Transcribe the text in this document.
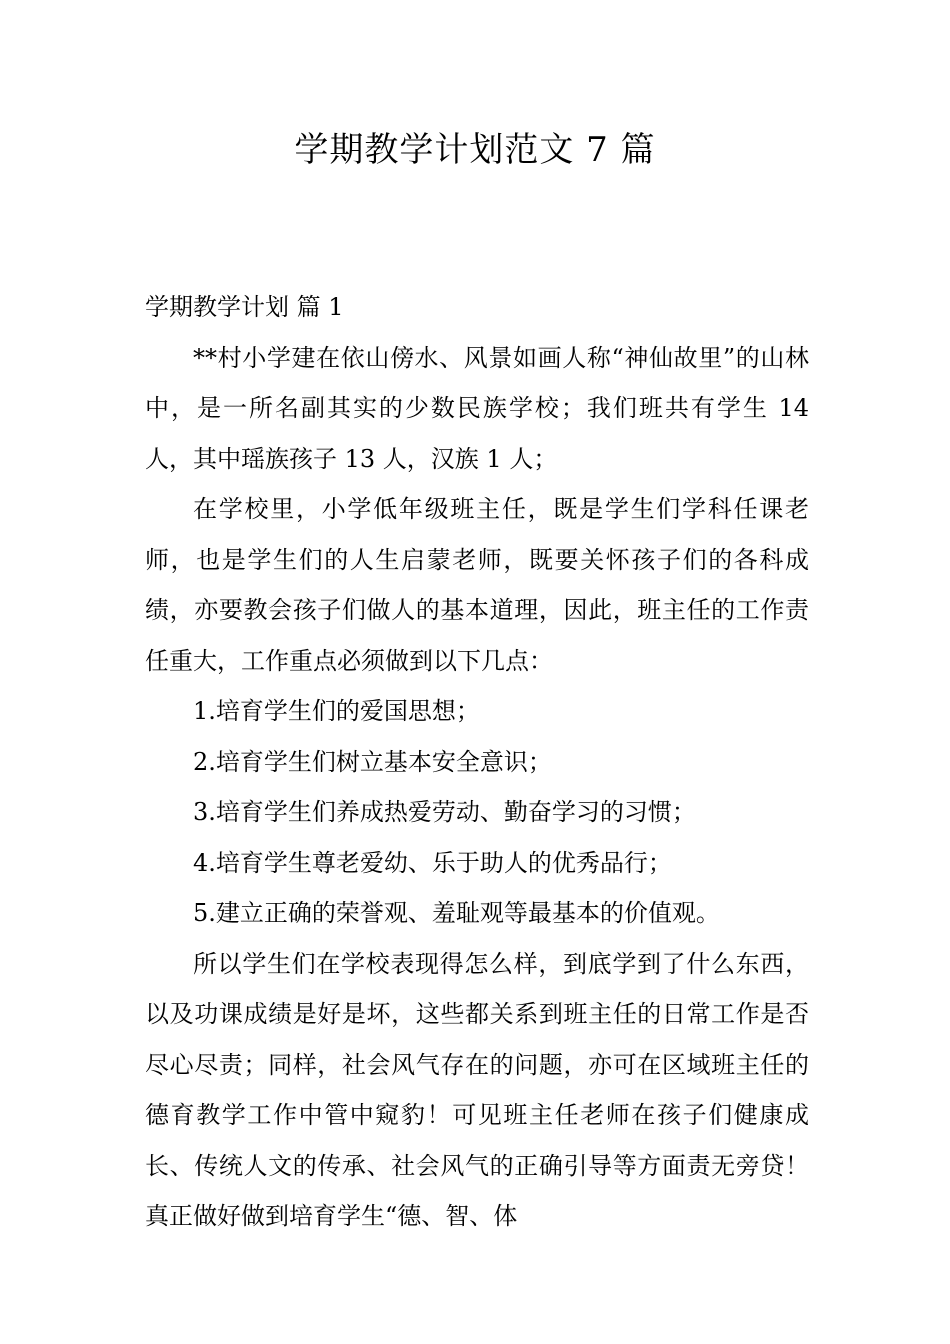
学期教学计划范文 7 篇

学期教学计划 篇 1

**村小学建在依山傍水、风景如画人称“神仙故里”的山林中，是一所名副其实的少数民族学校；我们班共有学生 14 人，其中瑶族孩子 13 人，汉族 1 人；

在学校里，小学低年级班主任，既是学生们学科任课老师，也是学生们的人生启蒙老师，既要关怀孩子们的各科成绩，亦要教会孩子们做人的基本道理，因此，班主任的工作责任重大，工作重点必须做到以下几点：

1.培育学生们的爱国思想；

2.培育学生们树立基本安全意识；

3.培育学生们养成热爱劳动、勤奋学习的习惯；

4.培育学生尊老爱幼、乐于助人的优秀品行；

5.建立正确的荣誉观、羞耻观等最基本的价值观。

所以学生们在学校表现得怎么样，到底学到了什么东西，以及功课成绩是好是坏，这些都关系到班主任的日常工作是否尽心尽责；同样，社会风气存在的问题，亦可在区域班主任的德育教学工作中管中窥豹！可见班主任老师在孩子们健康成长、传统人文的传承、社会风气的正确引导等方面责无旁贷！真正做好做到培育学生“德、智、体
